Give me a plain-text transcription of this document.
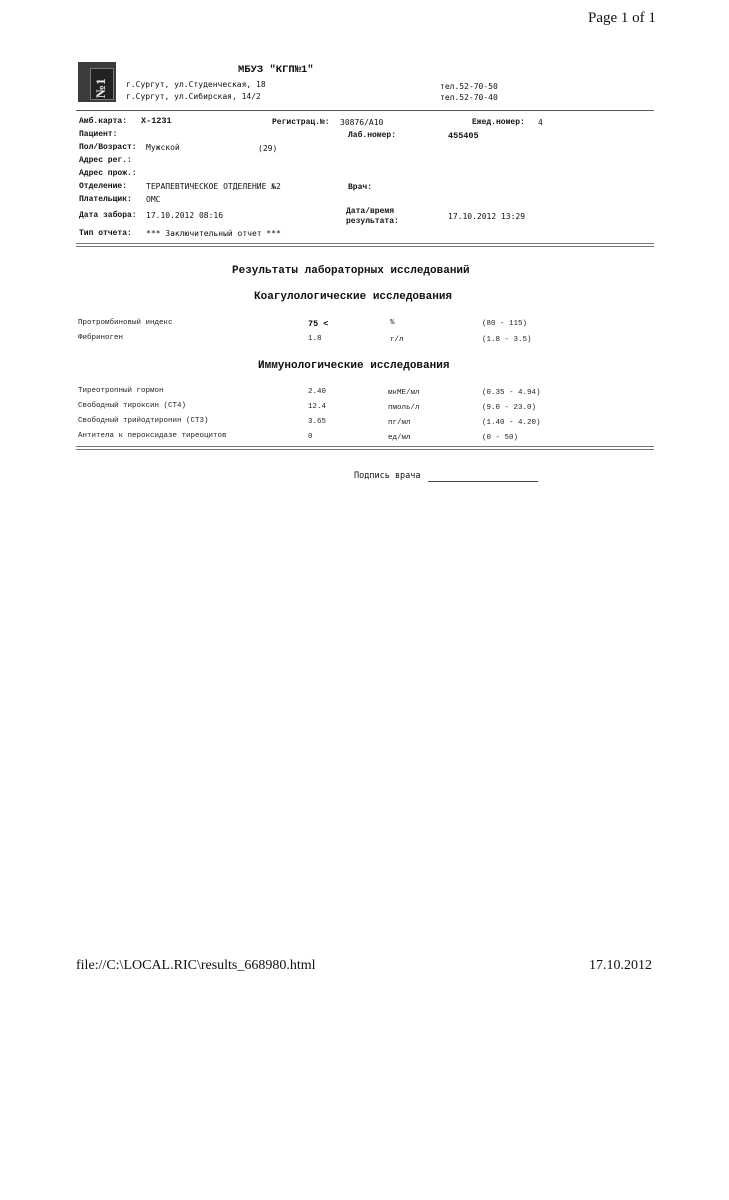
Page 1 of 1
№1
МБУЗ "КГП№1"
г.Сургут, ул.Студенческая, 18
г.Сургут, ул.Сибирская, 14/2
тел.52-70-50
тел.52-70-40
Амб.карта: Х-1231	Регистрац.№: 30876/А10	Ежед.номер: 4
Пациент:	Лаб.номер:	455405
Пол/Возраст: Мужской	(29)
Адрес рег.:
Адрес прож.:
Отделение: ТЕРАПЕВТИЧЕСКОЕ ОТДЕЛЕНИЕ №2	Врач:
Плательщик: ОМС
Дата забора: 17.10.2012 08:16	Дата/время
результата:
17.10.2012 13:29
Тип отчета: *** Заключительный отчет ***
Результаты лабораторных исследований
Коагулологические исследования
Протромбиновый индекс	75 <	%	(80 - 115)
Фибриноген	1.8	г/л	(1.8 - 3.5)
Иммунологические исследования
Тиреотропный гормон	2.40	мкМЕ/мл	(0.35 - 4.94)
Свободный тироксин (СТ4)	12.4	пмоль/л	(9.0 - 23.0)
Свободный трийодтиронин (СТ3)	3.65	пг/мл	(1.40 - 4.20)
Антитела к пероксидазе тиреоцитов	0	ед/мл	(0 - 50)
Подпись врача
file://C:\LOCAL.RIC\results_668980.html	17.10.2012
